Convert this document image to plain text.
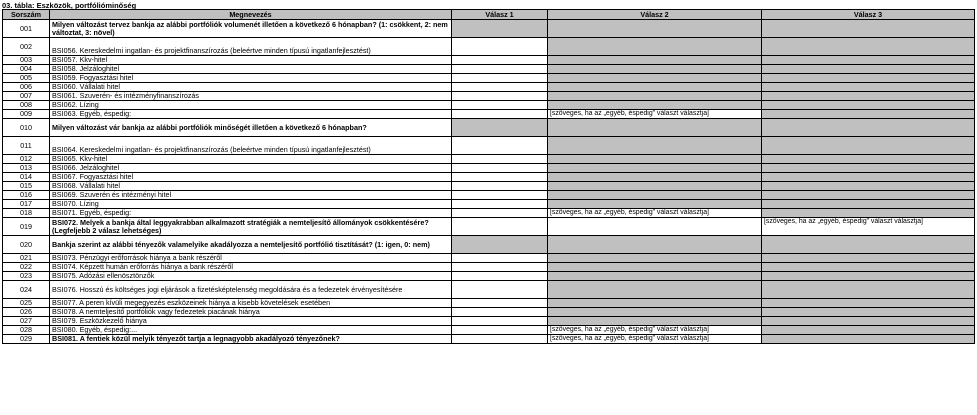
03. tábla: Eszközök, portfólióminőség
Sorszám	Megnevezés	Válasz 1	Válasz 2	Válasz 3
001	Milyen változást tervez bankja az alábbi portfóliók volumenét illetően a következő 6 hónapban? (1: csökkent, 2: nem változtat, 3: növel)			
002	BSI056. Kereskedelmi ingatlan- és projektfinanszírozás (beleértve minden típusú ingatlanfejlesztést)			
003	BSI057. Kkv-hitel			
004	BSI058. Jelzáloghitel			
005	BSI059. Fogyasztási hitel			
006	BSI060. Vállalati hitel			
007	BSI061. Szuverén- és intézményfinanszírozás			
008	BSI062. Lízing			
009	BSI063. Egyéb, éspedig:		[szöveges, ha az „egyéb, éspedig” választ választja]	
010	Milyen változást vár bankja az alábbi portfóliók minőségét illetően a következő 6 hónapban?			
011	BSI064. Kereskedelmi ingatlan- és projektfinanszírozás (beleértve minden típusú ingatlanfejlesztést)			
012	BSI065. Kkv-hitel			
013	BSI066. Jelzáloghitel			
014	BSI067. Fogyasztási hitel			
015	BSI068. Vállalati hitel			
016	BSI069. Szuverén és intézményi hitel			
017	BSI070. Lízing			
018	BSI071. Egyéb, éspedig:		[szöveges, ha az „egyéb, éspedig” választ választja]	
019	BSI072. Melyek a bankja által leggyakrabban alkalmazott stratégiák a nemteljesítő állományok csökkentésére? (Legfeljebb 2 válasz lehetséges)			[szöveges, ha az „egyéb, éspedig” választ választja]
020	Bankja szerint az alábbi tényezők valamelyike akadályozza a nemteljesítő portfólió tisztítását? (1: igen, 0: nem)			
021	BSI073. Pénzügyi erőforrások hiánya a bank részéről			
022	BSI074. Képzett humán erőforrás hiánya a bank részéről			
023	BSI075. Adózási ellenösztönzők			
024	BSI076. Hosszú és költséges jogi eljárások a fizetésképtelenség megoldására és a fedezetek érvényesítésére			
025	BSI077. A peren kívüli megegyezés eszközeinek hiánya a kisebb követelések esetében			
026	BSI078. A nemteljesítő portfóliók vagy fedezetek piacának hiánya			
027	BSI079. Eszközkezelő hiánya			
028	BSI080. Egyéb, éspedig:...		[szöveges, ha az „egyéb, éspedig” választ választja]	
029	BSI081. A fentiek közül melyik tényezőt tartja a legnagyobb akadályozó tényezőnek?		[szöveges, ha az „egyéb, éspedig” választ választja]	
